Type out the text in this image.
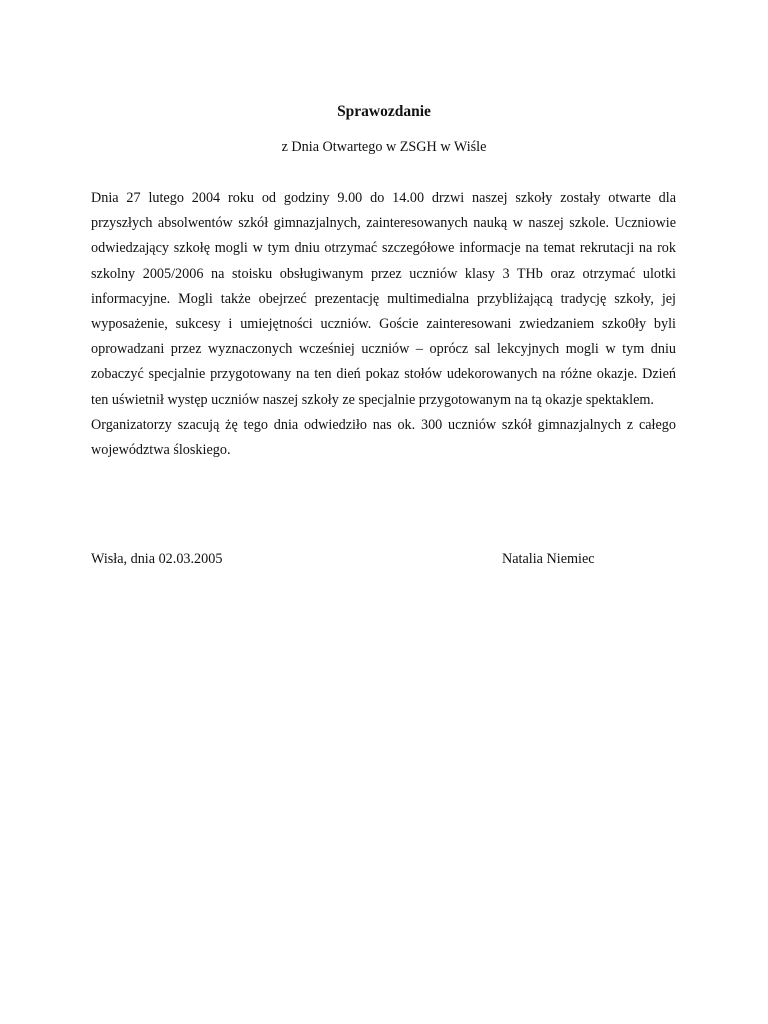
Sprawozdanie
z Dnia Otwartego w ZSGH w Wiśle

Dnia 27 lutego 2004 roku od godziny 9.00 do 14.00 drzwi naszej szkoły zostały otwarte dla przyszłych absolwentów szkół gimnazjalnych, zainteresowanych nauką w naszej szkole. Uczniowie odwiedzający szkołę mogli w tym dniu otrzymać szczegółowe informacje na temat rekrutacji na rok szkolny 2005/2006 na stoisku obsługiwanym przez uczniów klasy 3 THb oraz otrzymać ulotki informacyjne. Mogli także obejrzeć prezentację multimedialna przybliżającą tradycję szkoły, jej wyposażenie, sukcesy i umiejętności uczniów. Goście zainteresowani zwiedzaniem szko0ły byli oprowadzani przez wyznaczonych wcześniej uczniów – oprócz sal lekcyjnych mogli w tym dniu zobaczyć specjalnie przygotowany na ten dień pokaz stołów udekorowanych na różne okazje. Dzień ten uświetnił występ uczniów naszej szkoły ze specjalnie przygotowanym na tą okazje spektaklem.

Organizatorzy szacują żę tego dnia odwiedziło nas ok. 300 uczniów szkół gimnazjalnych z całego województwa śloskiego.

Wisła, dnia 02.03.2005	Natalia Niemiec
